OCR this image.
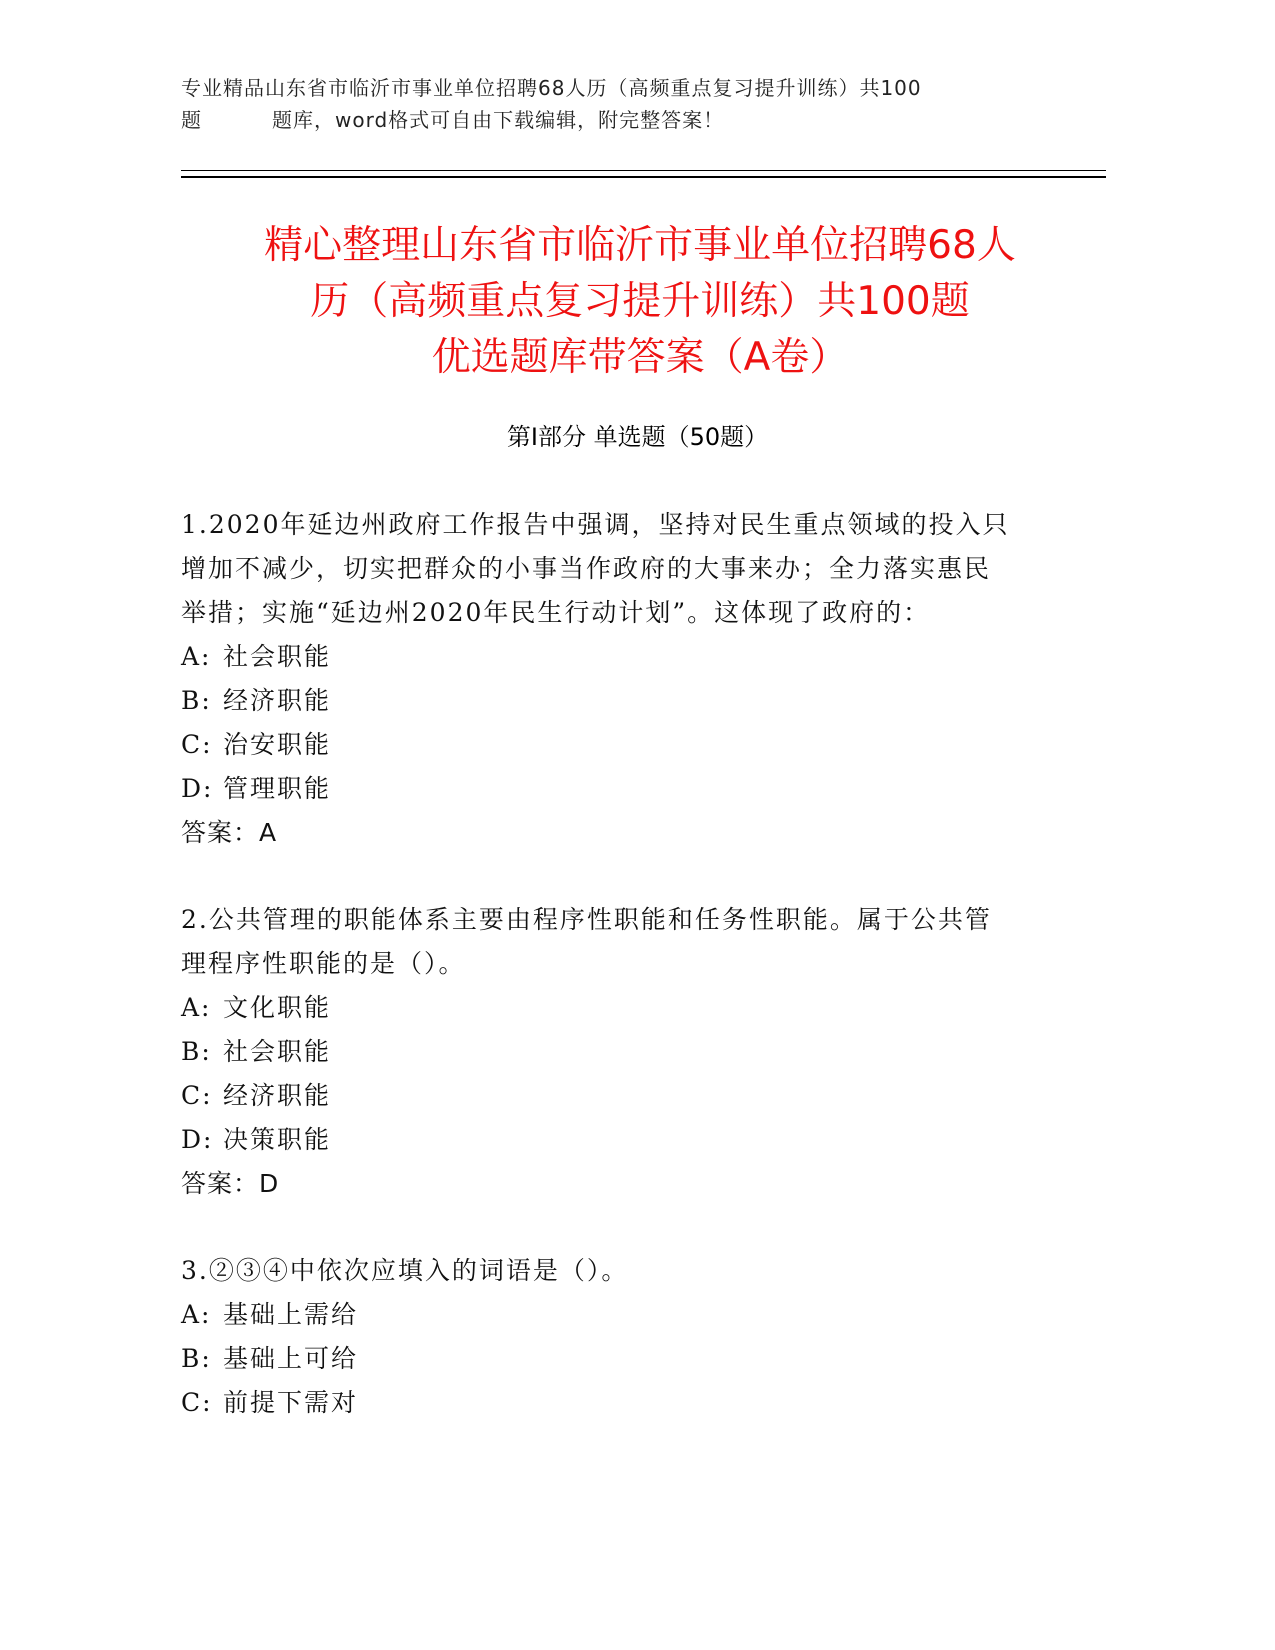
专业精品山东省市临沂市事业单位招聘68人历（高频重点复习提升训练）共100
题	题库，word格式可自由下载编辑，附完整答案！
精心整理山东省市临沂市事业单位招聘68人
历（高频重点复习提升训练）共100题
优选题库带答案（A卷）
第Ⅰ部分 单选题（50题）
1.2020年延边州政府工作报告中强调，坚持对民生重点领域的投入只
增加不减少，切实把群众的小事当作政府的大事来办；全力落实惠民
举措；实施“延边州2020年民生行动计划”。这体现了政府的：
A: 社会职能
B: 经济职能
C: 治安职能
D: 管理职能
答案：A
2.公共管理的职能体系主要由程序性职能和任务性职能。属于公共管
理程序性职能的是（）。
A: 文化职能
B: 社会职能
C: 经济职能
D: 决策职能
答案：D
3.②③④中依次应填入的词语是（）。
A: 基础上需给
B: 基础上可给
C: 前提下需对
